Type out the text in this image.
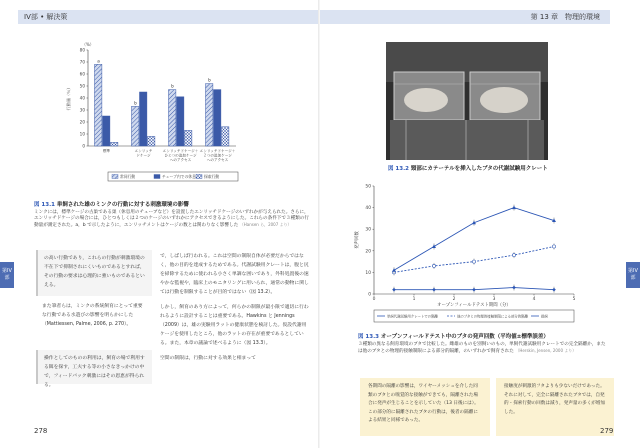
IV部 • 解決策
（%）
0
10
20
30
40
50
60
70
80
行動量（％）
a
標準
b
エンリッチ
ドケージ
b
エンリッチドケージ＋
ひとつの追加ケージ
へのアクセス
b
エンリッチドケージ＋
２つの追加ケージ
へのアクセス
常同行動	チューブ内での休息 探索行動
図 13.1 単飼された雄のミンクの行動に対する刺激環境の影響
ミンクには，標準ケージの古巣である巣（休息用のチューブなど）を設置したエンリッチドケージのいずれかが与えられた。さらに，エンリッチドケージの場合には，ひとつもしくは２つのケージのいずれかにアクセスできるようにした。これらの条件下で３種類の行動量が測定された。a，b で示したように，エンリッチメントはケージの数とは関わりなく影響した （Hansen ら，2007 より）
第IV部
の高い行動であり，これらの行動が刺激環境の不在下で抑制されにくいものであるとすれば，その行動の要求は心理的に強いものであるといえる。
また筆者らは，ミンクの系統飼育にとって重要な行動である水遊びの影響を明らかにした（Mattiessen, Palme, 2006, p. 270）。
操作としてのものの利用は，飼育の場で利用する餌を探す，工夫する等の小さなきっかけの中で，フィードバック刺激にはその恩恵が得られる。

で，しばしば行われる。これは空間の制限自体が必要だからではなく，他の目的を達成するためである。代謝試験用クレートは，腹と尻を掃除するために使われる小さく単調な囲いであり，外科処置後の速やかな監視や，臨床上のモニタリングに用いられ，通常の動物に関しては行動を制限することが目的ではない（図 13.2）。

しかし，飼育のあり方によって，何らかの制限が最小限で適切に行われるように設計することは重要である。Hawkins と Jennings（2009）は，雄の実験用ラットの健康状態を検討した。仮設代謝用ケージを使用したところ，他のラットの存在が重要であるとしている。また，本章の議論で述べるように（図 13.3）。

空間の制限は，行動に対する効果と相まって

278
第 13 章　物理的環境
図 13.2 頸部にカテーテルを挿入したブタの代謝試験用クレート
0
10
20
30
40
50
0	1	2	3	4	5
オープンフィールドテスト期間（分）
発声回数
単飼代謝試験用クレートでの隔離	他のブタとの物理的接触制限による部分的隔離	群飼
図 13.3 オープンフィールドテスト中のブタの発声回数（平均値±標準誤差）
３種類の異なる飼育環境のブタで比較した。雌雄のものを別飼いのもの，単飼代謝試験用クレートでの完全隔離か，または他のブタとの物理的接触制限による部分的隔離，のいずれかで飼育された （Herskin, Jensen, 2000 より）
各期間の隔離の影響は，ワイヤーメッシュを介した同類のブタとの嗅覚的な接触ができても，隔離された場合に発声が生じることを示していた（13 日後には）。この部分的に隔離されたブタの行動は，後者の隔離による結果と同様であった。
接触度が刺激的フタよりも少ないだけであった。それに対して，完全に隔離されたブタでは，自発的・探索行動の回数は減り，発声量の多くが増加した。
第IV部
279
